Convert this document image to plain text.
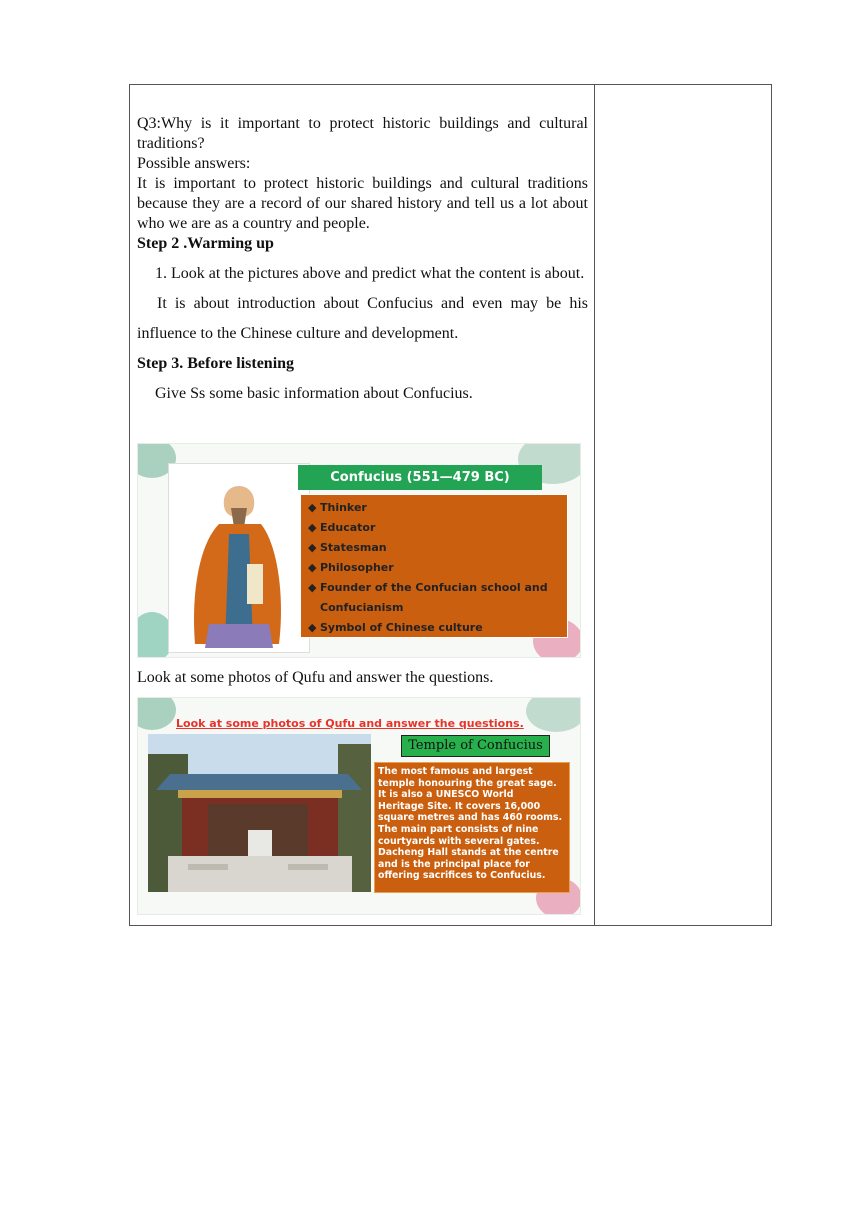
Q3:Why is it important to protect historic buildings and cultural traditions?

Possible answers:

It is important to protect historic buildings and cultural traditions because they are a record of our shared history and tell us a lot about who we are as a country and people.

Step 2 .Warming up

1. Look at the pictures above and predict what the content is about.

It is about introduction about Confucius and even may be his influence to the Chinese culture and development.

Step 3. Before listening

Give Ss some basic information about Confucius.

Confucius (551—479 BC)
◆ Thinker
◆ Educator
◆ Statesman
◆ Philosopher
◆ Founder of the Confucian school and
Confucianism
◆ Symbol of Chinese culture
Look at some photos of Qufu and answer the questions.
Look at some photos of Qufu and answer the questions.
Temple of Confucius
The most famous and largest
temple honouring the great sage.
It is also a UNESCO World
Heritage Site. It covers 16,000
square metres and has 460 rooms.
The main part consists of nine
courtyards with several gates.
Dacheng Hall stands at the centre
and is the principal place for
offering sacrifices to Confucius.
